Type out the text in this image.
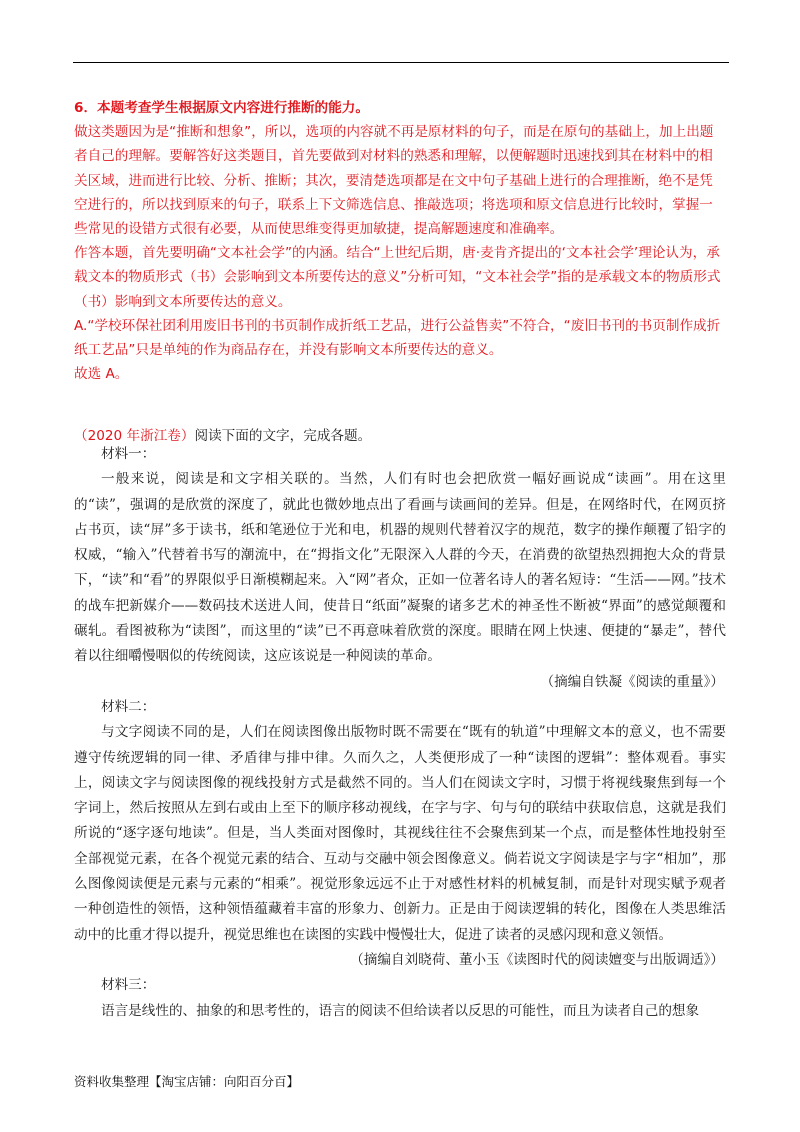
6．本题考查学生根据原文内容进行推断的能力。

做这类题因为是“推断和想象”，所以，选项的内容就不再是原材料的句子，而是在原句的基础上，加上出题者自己的理解。要解答好这类题目，首先要做到对材料的熟悉和理解，以便解题时迅速找到其在材料中的相关区域，进而进行比较、分析、推断；其次，要清楚选项都是在文中句子基础上进行的合理推断，绝不是凭空进行的，所以找到原来的句子，联系上下文筛选信息、推敲选项；将选项和原文信息进行比较时，掌握一些常见的设错方式很有必要，从而使思维变得更加敏捷，提高解题速度和准确率。

作答本题，首先要明确“文本社会学”的内涵。结合“上世纪后期，唐·麦肯齐提出的‘文本社会学’理论认为，承载文本的物质形式（书）会影响到文本所要传达的意义”分析可知，“文本社会学”指的是承载文本的物质形式（书）影响到文本所要传达的意义。

A.“学校环保社团利用废旧书刊的书页制作成折纸工艺品，进行公益售卖”不符合，“废旧书刊的书页制作成折纸工艺品”只是单纯的作为商品存在，并没有影响文本所要传达的意义。

故选 A。

（2020 年浙江卷）阅读下面的文字，完成各题。

材料一：

一般来说，阅读是和文字相关联的。当然，人们有时也会把欣赏一幅好画说成“读画”。用在这里的“读”，强调的是欣赏的深度了，就此也微妙地点出了看画与读画间的差异。但是，在网络时代，在网页挤占书页，读“屏”多于读书，纸和笔逊位于光和电，机器的规则代替着汉字的规范，数字的操作颠覆了铅字的权威，“输入”代替着书写的潮流中，在“拇指文化”无限深入人群的今天，在消费的欲望热烈拥抱大众的背景下，“读”和“看”的界限似乎日渐模糊起来。入“网”者众，正如一位著名诗人的著名短诗：“生活——网。”技术的战车把新媒介——数码技术送进人间，使昔日“纸面”凝聚的诸多艺术的神圣性不断被“界面”的感觉颠覆和碾轧。看图被称为“读图”，而这里的“读”已不再意味着欣赏的深度。眼睛在网上快速、便捷的“暴走”，替代着以往细嚼慢咽似的传统阅读，这应该说是一种阅读的革命。

（摘编自铁凝《阅读的重量》）

材料二：

与文字阅读不同的是，人们在阅读图像出版物时既不需要在“既有的轨道”中理解文本的意义，也不需要遵守传统逻辑的同一律、矛盾律与排中律。久而久之，人类便形成了一种“读图的逻辑”：整体观看。事实上，阅读文字与阅读图像的视线投射方式是截然不同的。当人们在阅读文字时，习惯于将视线聚焦到每一个字词上，然后按照从左到右或由上至下的顺序移动视线，在字与字、句与句的联结中获取信息，这就是我们所说的“逐字逐句地读”。但是，当人类面对图像时，其视线往往不会聚焦到某一个点，而是整体性地投射至全部视觉元素，在各个视觉元素的结合、互动与交融中领会图像意义。倘若说文字阅读是字与字“相加”，那么图像阅读便是元素与元素的“相乘”。视觉形象远远不止于对感性材料的机械复制，而是针对现实赋予观者一种创造性的领悟，这种领悟蕴藏着丰富的形象力、创新力。正是由于阅读逻辑的转化，图像在人类思维活动中的比重才得以提升，视觉思维也在读图的实践中慢慢壮大，促进了读者的灵感闪现和意义领悟。

（摘编自刘晓荷、董小玉《读图时代的阅读嬗变与出版调适》）

材料三：

语言是线性的、抽象的和思考性的，语言的阅读不但给读者以反思的可能性，而且为读者自己的想象

资料收集整理【淘宝店铺：向阳百分百】
